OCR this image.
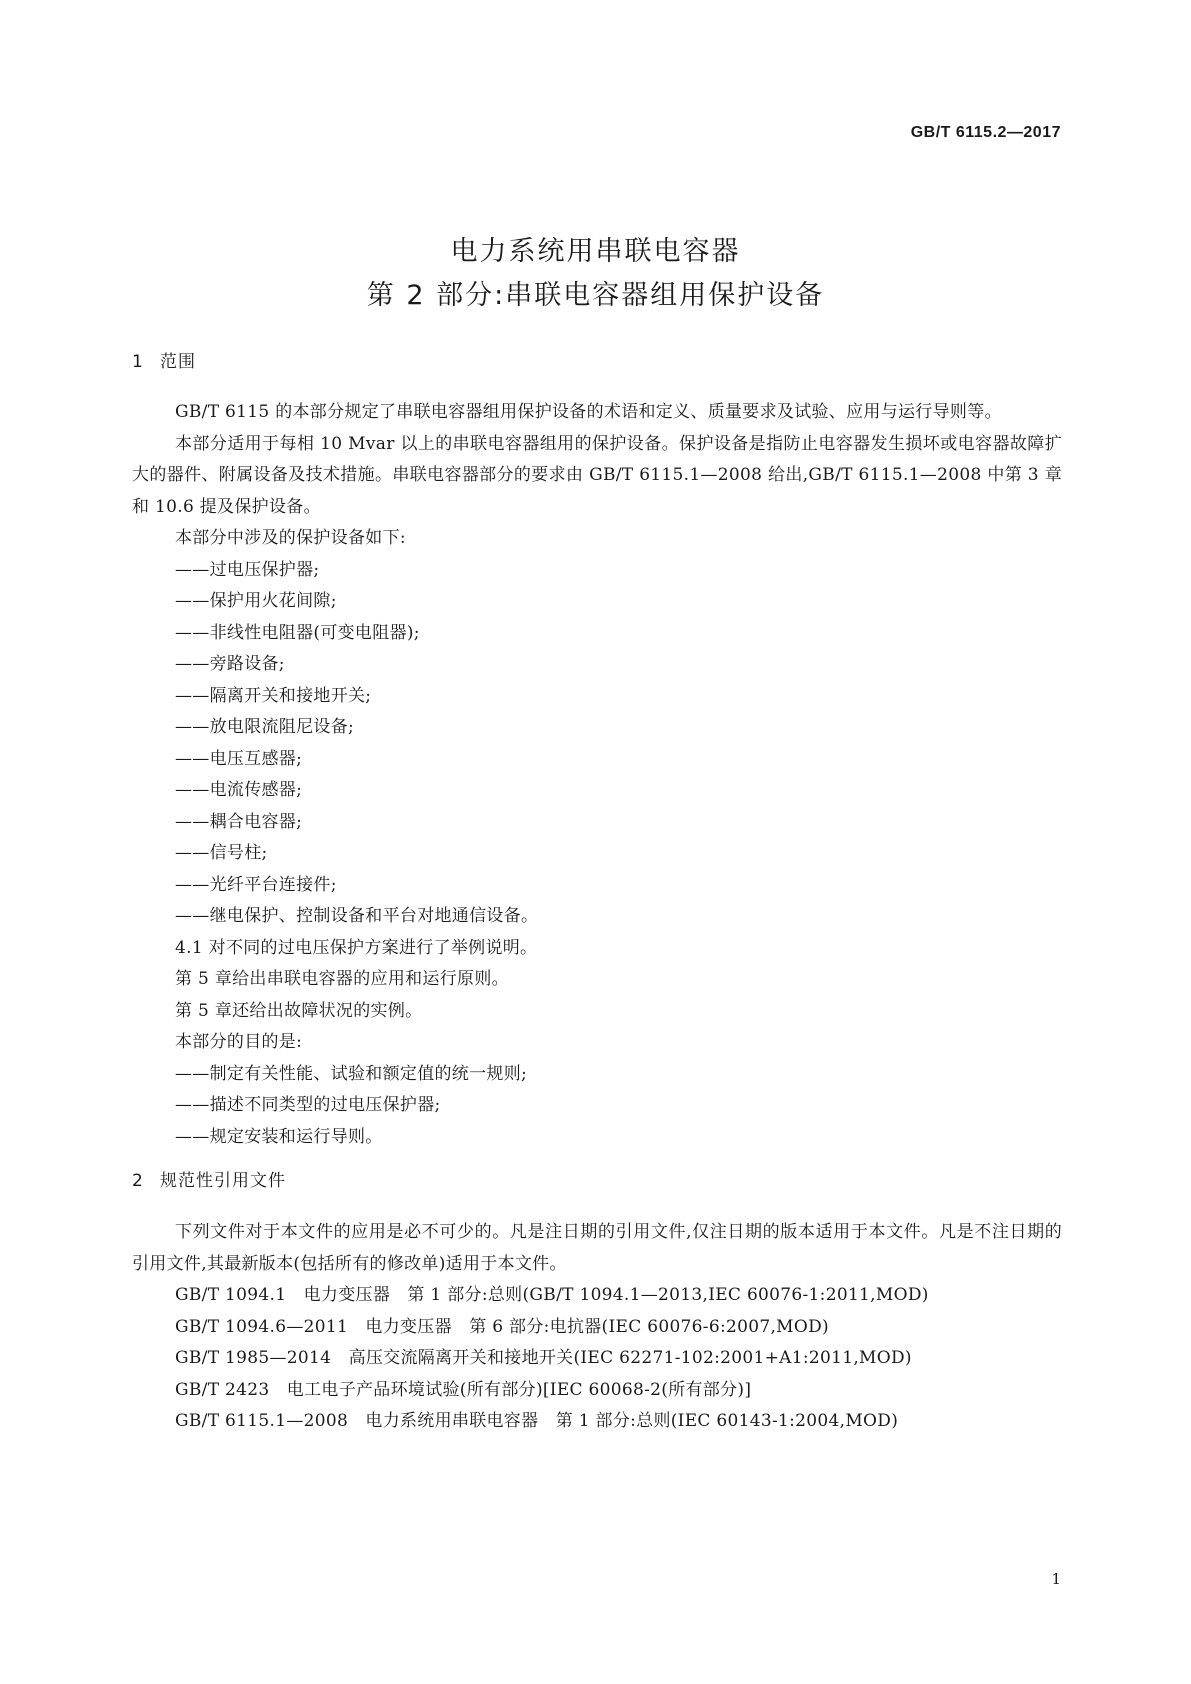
GB/T 6115.2—2017
电力系统用串联电容器
第 2 部分:串联电容器组用保护设备
1 范围

GB/T 6115 的本部分规定了串联电容器组用保护设备的术语和定义、质量要求及试验、应用与运行导则等。

本部分适用于每相 10 Mvar 以上的串联电容器组用的保护设备。保护设备是指防止电容器发生损坏或电容器故障扩大的器件、附属设备及技术措施。串联电容器部分的要求由 GB/T 6115.1—2008 给出,GB/T 6115.1—2008 中第 3 章和 10.6 提及保护设备。

本部分中涉及的保护设备如下:
——过电压保护器;
——保护用火花间隙;
——非线性电阻器(可变电阻器);
——旁路设备;
——隔离开关和接地开关;
——放电限流阻尼设备;
——电压互感器;
——电流传感器;
——耦合电容器;
——信号柱;
——光纤平台连接件;
——继电保护、控制设备和平台对地通信设备。
4.1 对不同的过电压保护方案进行了举例说明。
第 5 章给出串联电容器的应用和运行原则。
第 5 章还给出故障状况的实例。
本部分的目的是:
——制定有关性能、试验和额定值的统一规则;
——描述不同类型的过电压保护器;
——规定安装和运行导则。
2 规范性引用文件

下列文件对于本文件的应用是必不可少的。凡是注日期的引用文件,仅注日期的版本适用于本文件。凡是不注日期的引用文件,其最新版本(包括所有的修改单)适用于本文件。

GB/T 1094.1　电力变压器　第 1 部分:总则(GB/T 1094.1—2013,IEC 60076-1:2011,MOD)
GB/T 1094.6—2011　电力变压器　第 6 部分:电抗器(IEC 60076-6:2007,MOD)
GB/T 1985—2014　高压交流隔离开关和接地开关(IEC 62271-102:2001+A1:2011,MOD)
GB/T 2423　电工电子产品环境试验(所有部分)[IEC 60068-2(所有部分)]
GB/T 6115.1—2008　电力系统用串联电容器　第 1 部分:总则(IEC 60143-1:2004,MOD)
1
